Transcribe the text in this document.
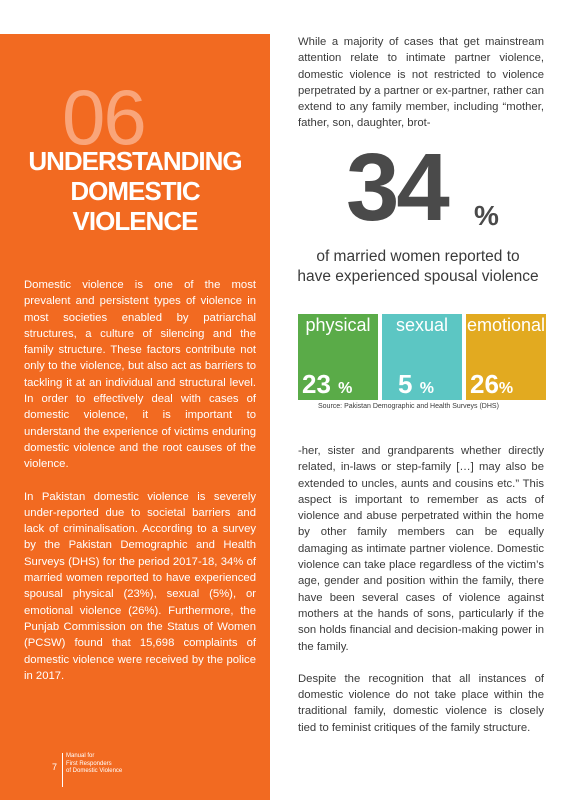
06
UNDERSTANDING
DOMESTIC
VIOLENCE

Domestic violence is one of the most prevalent and persistent types of violence in most societies enabled by patriarchal structures, a culture of silencing and the family structure. These factors contribute not only to the violence, but also act as barriers to tackling it at an individual and structural level. In order to effectively deal with cases of domestic violence, it is important to understand the experience of victims enduring domestic violence and the root causes of the violence.

In Pakistan domestic violence is severely under-reported due to societal barriers and lack of criminalisation. According to a survey by the Pakistan Demographic and Health Surveys (DHS) for the period 2017-18, 34% of married women reported to have experienced spousal physical (23%), sexual (5%), or emotional violence (26%). Furthermore, the Punjab Commission on the Status of Women (PCSW) found that 15,698 complaints of domestic violence were received by the police in 2017.

While a majority of cases that get mainstream attention relate to intimate partner violence, domestic violence is not restricted to violence perpetrated by a partner or ex-partner, rather can extend to any family member, including “mother, father, son, daughter, brot-

34 %
of married women reported to
have experienced spousal violence
physical
23 %
sexual
5 %
emotional
26%
Source: Pakistan Demographic and Health Surveys (DHS)

-her, sister and grandparents whether directly related, in-laws or step-family […] may also be extended to uncles, aunts and cousins etc.” This aspect is important to remember as acts of violence and abuse perpetrated within the home by other family members can be equally damaging as intimate partner violence. Domestic violence can take place regardless of the victim’s age, gender and position within the family, there have been several cases of violence against mothers at the hands of sons, particularly if the son holds financial and decision-making power in the family.

Despite the recognition that all instances of domestic violence do not take place within the traditional family, domestic violence is closely tied to feminist critiques of the family structure.

7
Manual for
First Responders
of Domestic Violence
